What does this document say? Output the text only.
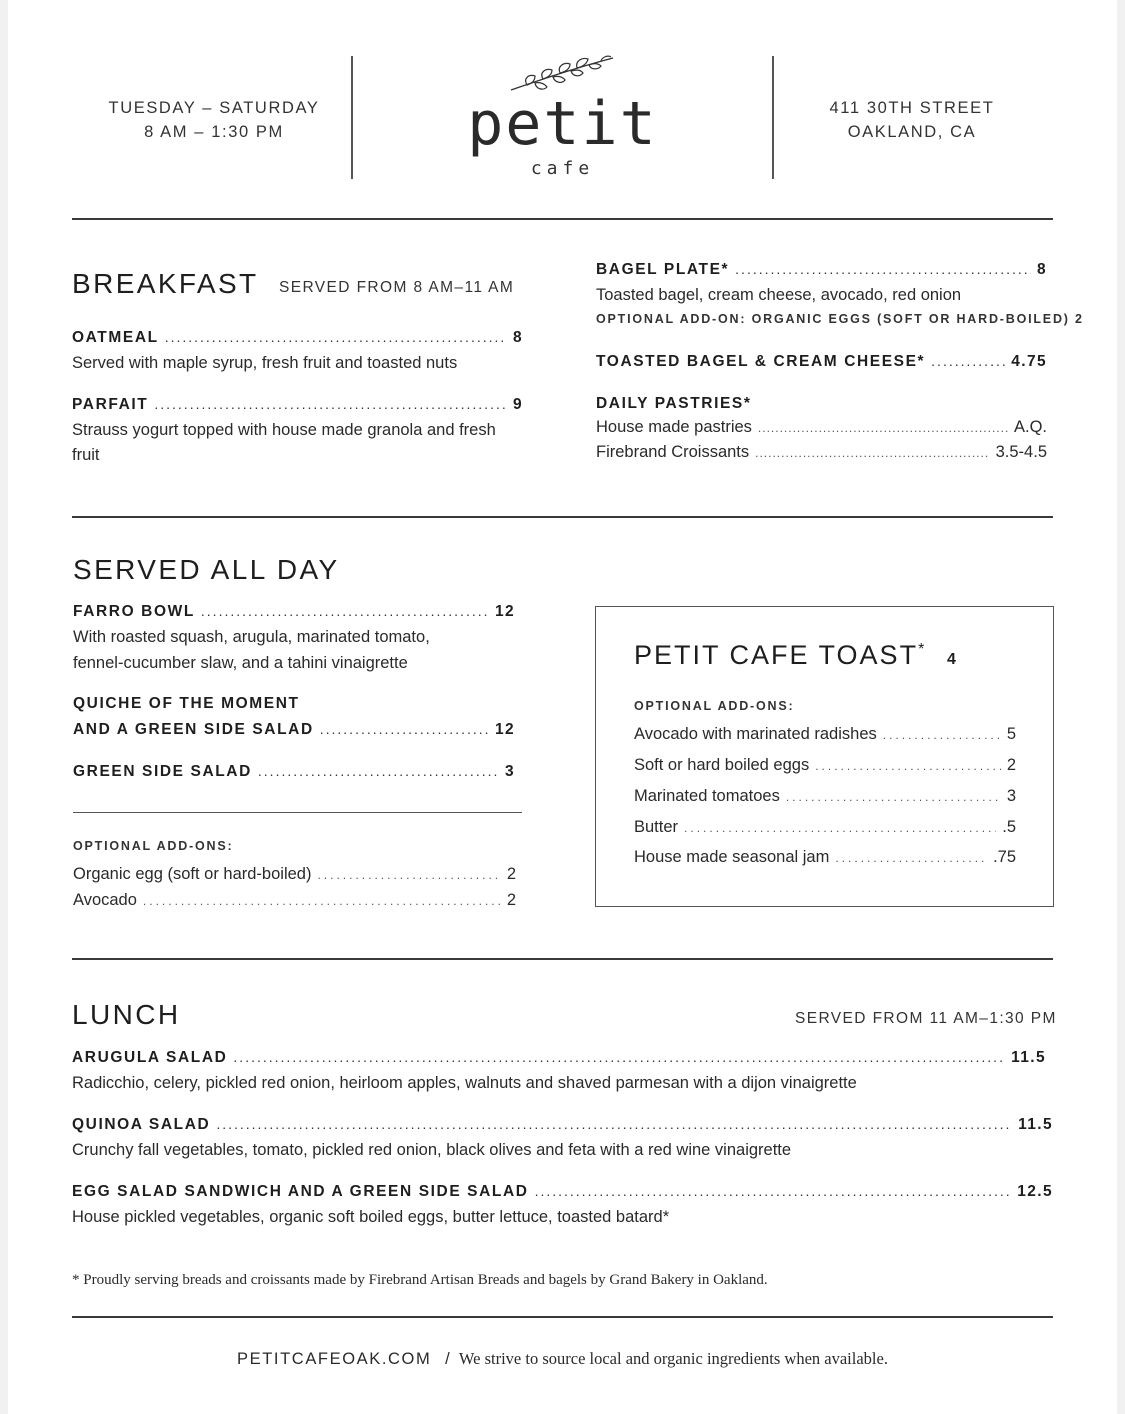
TUESDAY – SATURDAY
8 AM – 1:30 PM	petit
cafe
411 30TH STREET
OAKLAND, CA
BREAKFAST SERVED FROM 8 AM–11 AM
OATMEAL .....	8
Served with maple syrup, fresh fruit and toasted nuts
PARFAIT .....	9
Strauss yogurt topped with house made granola and fresh fruit
BAGEL PLATE* .....	8
Toasted bagel, cream cheese, avocado, red onion
OPTIONAL ADD-ON: ORGANIC EGGS (SOFT OR HARD-BOILED) 2
TOASTED BAGEL & CREAM CHEESE* .....	4.75
DAILY PASTRIES*
House made pastries .....	A.Q.
Firebrand Croissants .....	3.5-4.5
SERVED ALL DAY
FARRO BOWL .....	12
With roasted squash, arugula, marinated tomato,
fennel-cucumber slaw, and a tahini vinaigrette
QUICHE OF THE MOMENT
AND A GREEN SIDE SALAD .....	12
GREEN SIDE SALAD .....	3
OPTIONAL ADD-ONS:
Organic egg (soft or hard-boiled) .....	2
Avocado .....	2
PETIT CAFE TOAST*
4
OPTIONAL ADD-ONS:
Avocado with marinated radishes .....	5
Soft or hard boiled eggs .....	2
Marinated tomatoes .....	3
Butter .....	.5
House made seasonal jam .....	.75
LUNCH	SERVED FROM 11 AM–1:30 PM
ARUGULA SALAD .....	11.5
Radicchio, celery, pickled red onion, heirloom apples, walnuts and shaved parmesan with a dijon vinaigrette
QUINOA SALAD .....	11.5
Crunchy fall vegetables, tomato, pickled red onion, black olives and feta with a red wine vinaigrette
EGG SALAD SANDWICH AND A GREEN SIDE SALAD .....	12.5
House pickled vegetables, organic soft boiled eggs, butter lettuce, toasted batard*
* Proudly serving breads and croissants made by Firebrand Artisan Breads and bagels by Grand Bakery in Oakland.
PETITCAFEOAK.COM / We strive to source local and organic ingredients when available.
